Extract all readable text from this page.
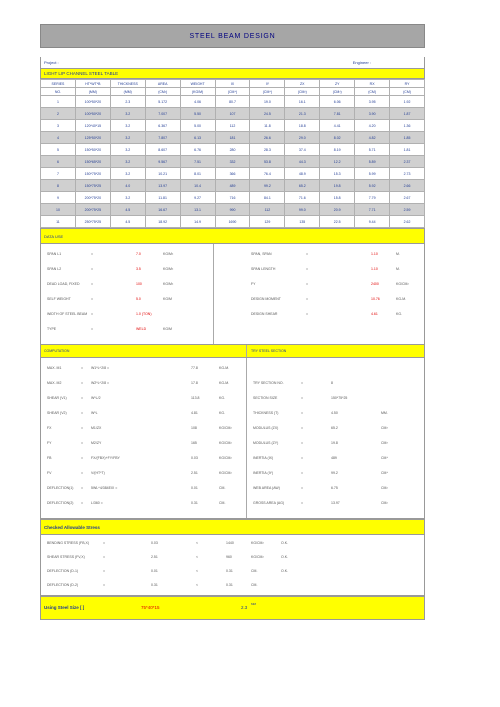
STEEL BEAM DESIGN
Project :	Engineer :
LIGHT LIP CHANNEL STEEL TABLE
SERIES	HT*WT*B	THICKNESS	AREA	WEIGHT	IX	IY	ZX	ZY	RX	RY
NO.	(MM)	(MM)	(CM²)	(KG/M)	(CM⁴)	(CM⁴)	(CM³)	(CM³)	(CM)	(CM)
1	100*50*20	2.3	5.172	4.06	80.7	19.0	16.1	6.06	3.95	1.92
2	100*50*20	3.2	7.007	5.50	107	24.5	21.3	7.81	3.90	1.87
3	120*40*15	3.2	6.367	5.00	112	11.8	18.8	4.41	4.20	1.36
4	125*50*20	3.2	7.807	6.13	181	26.6	29.0	8.02	4.82	1.85
5	150*50*20	3.2	8.607	6.76	280	28.3	37.4	8.19	5.71	1.81
6	150*65*20	3.2	9.567	7.51	332	53.8	44.3	12.2	5.89	2.37
7	150*75*20	3.2	10.21	8.01	366	76.4	48.9	15.3	5.99	2.73
8	150*75*25	4.0	13.97	10.4	489	99.2	65.2	19.8	5.92	2.66
9	200*75*20	3.2	11.81	9.27	716	84.1	71.6	15.8	7.79	2.67
10	200*75*25	4.5	16.67	13.1	990	112	99.0	20.9	7.71	2.59
11	250*75*25	4.5	18.92	14.9	1690	129	135	22.5	9.44	2.62
DATA USE
SPAN L1	=	7.0	KG/M²
SPAN L2	=	3.5	KG/M²
DEAD LOAD, FIXED	=	100	KG/M²
SELF WEIGHT	=	5.0	KG/M
WIDTH OF STEEL BEAM =	1.0 (TON)
TYPE	=	WELD	KG/M
SPAN, SPAN	=	1.10	M.
SPAN LENGTH	=	1.10	M.
FY	=	2400	KG/CM²
DESIGN MOMENT	=	10.76	KG-M.
DESIGN SHEAR	=	4.61	KG.
COMPUTATION	TRY STEEL SECTION
MAX. M1	= W1*L^2/8 =	77.8	KG-M.
MAX. M2	= W2*L^2/8 =	17.8	KG-M.
SHEAR (V1)	= W*L/2	113.8	KG.
SHEAR (V2)	= W*L	4.81	KG.
FX	= M1/ZX	108	KG/CM²
FY	= M2/ZY	165	KG/CM²
FB	= FX/(FBX)+FY/FBY	0.03	KG/CM²
FV	= V/(HT*T)	2.51	KG/CM²
DEFLECTION(1) = 5WL^4/384EIX =	0.01	CM.
DEFLECTION(2) = L/360 =	0.31	CM.
TRY SECTION NO.	=	8
SECTION SIZE	=	150*75*25
THICKNESS (T)	=	4.50	MM.
MODULUS (ZX)	=	65.2	CM³
MODULUS (ZY)	=	19.8	CM³
INERTIA (IX)	=	489	CM⁴
INERTIA (IY)	=	99.2	CM⁴
WEB AREA (AW)	=	6.75	CM²
GROSS AREA (AG)	=	13.97	CM²
Checked Allowable Stress
BENDING STRESS (FB,X)	=	0.03	<	1440	KG/CM²	O.K.
SHEAR STRESS (FV,X)	=	2.51	<	960	KG/CM²	O.K.
DEFLECTION (D-1)	=	0.01	<	0.31	CM.	O.K.
DEFLECTION (D-2)	=	0.31	<	0.31	CM.
Using Steel Size [ ]	75*40*15	2.3
MM
